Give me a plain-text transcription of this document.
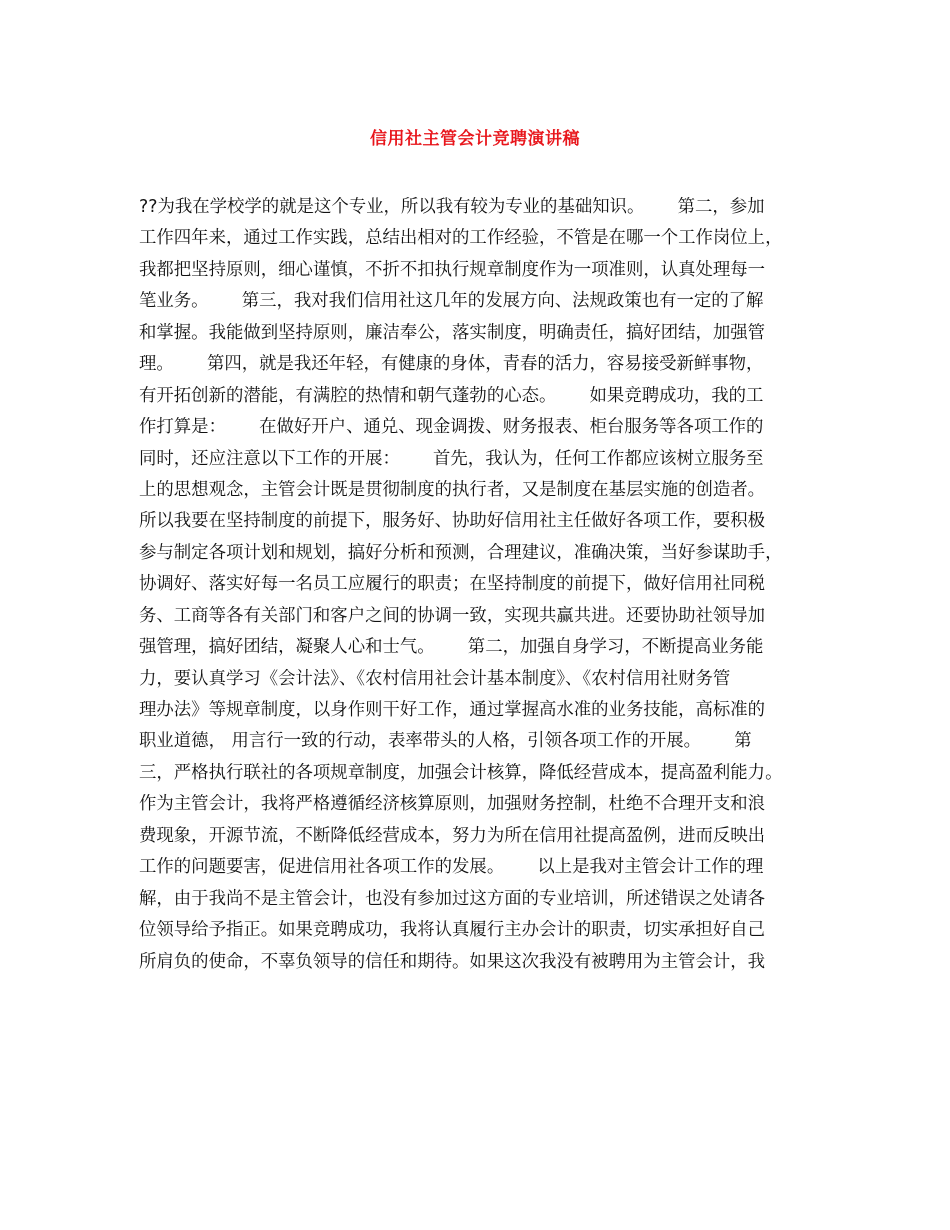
信用社主管会计竞聘演讲稿
??为我在学校学的就是这个专业，所以我有较为专业的基础知识。      第二，参加
工作四年来，通过工作实践，总结出相对的工作经验，不管是在哪一个工作岗位上，
我都把坚持原则，细心谨慎，不折不扣执行规章制度作为一项准则，认真处理每一
笔业务。      第三，我对我们信用社这几年的发展方向、法规政策也有一定的了解
和掌握。我能做到坚持原则，廉洁奉公，落实制度，明确责任，搞好团结，加强管
理。      第四，就是我还年轻，有健康的身体，青春的活力，容易接受新鲜事物，
有开拓创新的潜能，有满腔的热情和朝气蓬勃的心态。      如果竞聘成功，我的工
作打算是：      在做好开户、通兑、现金调拨、财务报表、柜台服务等各项工作的
同时，还应注意以下工作的开展：      首先，我认为，任何工作都应该树立服务至
上的思想观念，主管会计既是贯彻制度的执行者，又是制度在基层实施的创造者。
所以我要在坚持制度的前提下，服务好、协助好信用社主任做好各项工作，要积极
参与制定各项计划和规划，搞好分析和预测，合理建议，准确决策，当好参谋助手，
协调好、落实好每一名员工应履行的职责；在坚持制度的前提下，做好信用社同税
务、工商等各有关部门和客户之间的协调一致，实现共赢共进。还要协助社领导加
强管理，搞好团结，凝聚人心和士气。      第二，加强自身学习，不断提高业务能
力，要认真学习《会计法》、《农村信用社会计基本制度》、《农村信用社财务管
理办法》等规章制度，以身作则干好工作，通过掌握高水准的业务技能，高标准的
职业道德， 用言行一致的行动，表率带头的人格，引领各项工作的开展。      第
三，严格执行联社的各项规章制度，加强会计核算，降低经营成本，提高盈利能力。
作为主管会计，我将严格遵循经济核算原则，加强财务控制，杜绝不合理开支和浪
费现象，开源节流，不断降低经营成本，努力为所在信用社提高盈例，进而反映出
工作的问题要害，促进信用社各项工作的发展。      以上是我对主管会计工作的理
解，由于我尚不是主管会计，也没有参加过这方面的专业培训，所述错误之处请各
位领导给予指正。如果竞聘成功，我将认真履行主办会计的职责，切实承担好自己
所肩负的使命，不辜负领导的信任和期待。如果这次我没有被聘用为主管会计，我
